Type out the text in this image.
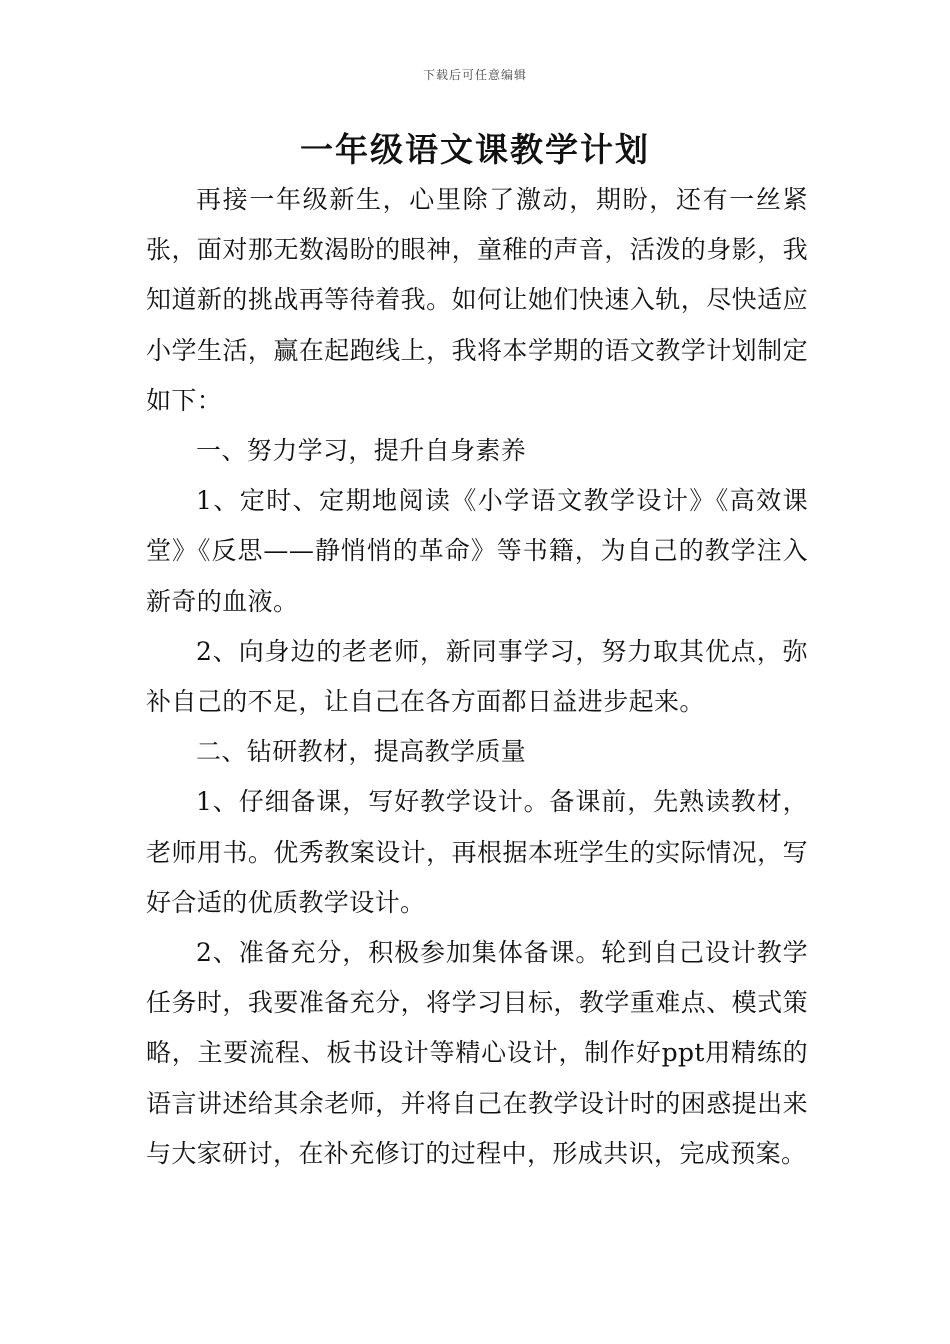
下载后可任意编辑
一年级语文课教学计划

再接一年级新生，心里除了激动，期盼，还有一丝紧张，面对那无数渴盼的眼神，童稚的声音，活泼的身影，我知道新的挑战再等待着我。如何让她们快速入轨，尽快适应小学生活，赢在起跑线上，我将本学期的语文教学计划制定如下：

一、努力学习，提升自身素养

1、定时、定期地阅读《小学语文教学设计》《高效课堂》《反思——静悄悄的革命》等书籍，为自己的教学注入新奇的血液。

2、向身边的老老师，新同事学习，努力取其优点，弥补自己的不足，让自己在各方面都日益进步起来。

二、钻研教材，提高教学质量

1、仔细备课，写好教学设计。备课前，先熟读教材，老师用书。优秀教案设计，再根据本班学生的实际情况，写好合适的优质教学设计。

2、准备充分，积极参加集体备课。轮到自己设计教学任务时，我要准备充分，将学习目标，教学重难点、模式策略，主要流程、板书设计等精心设计，制作好ppt用精练的语言讲述给其余老师，并将自己在教学设计时的困惑提出来与大家研讨，在补充修订的过程中，形成共识，完成预案。
